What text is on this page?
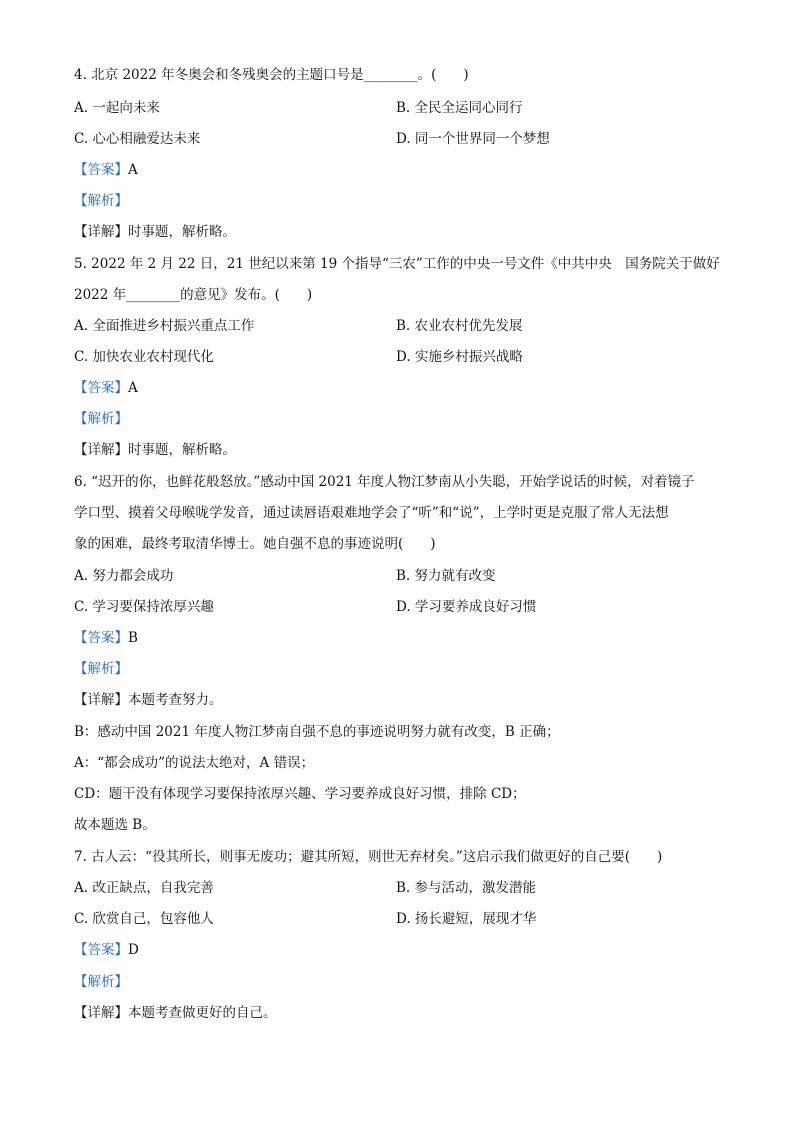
4. 北京 2022 年冬奥会和冬残奥会的主题口号是________。(　　)
A. 一起向未来	B. 全民全运同心同行
C. 心心相融爱达未来	D. 同一个世界同一个梦想
【答案】A
【解析】
【详解】时事题，解析略。
5. 2022 年 2 月 22 日，21 世纪以来第 19 个指导“三农”工作的中央一号文件《中共中央　国务院关于做好
2022 年________的意见》发布。(　　)
A. 全面推进乡村振兴重点工作	B. 农业农村优先发展
C. 加快农业农村现代化	D. 实施乡村振兴战略
【答案】A
【解析】
【详解】时事题，解析略。
6. “迟开的你，也鲜花般怒放。”感动中国 2021 年度人物江梦南从小失聪，开始学说话的时候，对着镜子
学口型、摸着父母喉咙学发音，通过读唇语艰难地学会了“听”和“说”，上学时更是克服了常人无法想
象的困难，最终考取清华博士。她自强不息的事迹说明(　　)
A. 努力都会成功	B. 努力就有改变
C. 学习要保持浓厚兴趣	D. 学习要养成良好习惯
【答案】B
【解析】
【详解】本题考查努力。
B：感动中国 2021 年度人物江梦南自强不息的事迹说明努力就有改变，B 正确；
A：“都会成功”的说法太绝对，A 错误；
CD：题干没有体现学习要保持浓厚兴趣、学习要养成良好习惯，排除 CD；
故本题选 B。
7. 古人云：“役其所长，则事无废功；避其所短，则世无弃材矣。”这启示我们做更好的自己要(　　)
A. 改正缺点，自我完善	B. 参与活动，激发潜能
C. 欣赏自己，包容他人	D. 扬长避短，展现才华
【答案】D
【解析】
【详解】本题考查做更好的自己。
